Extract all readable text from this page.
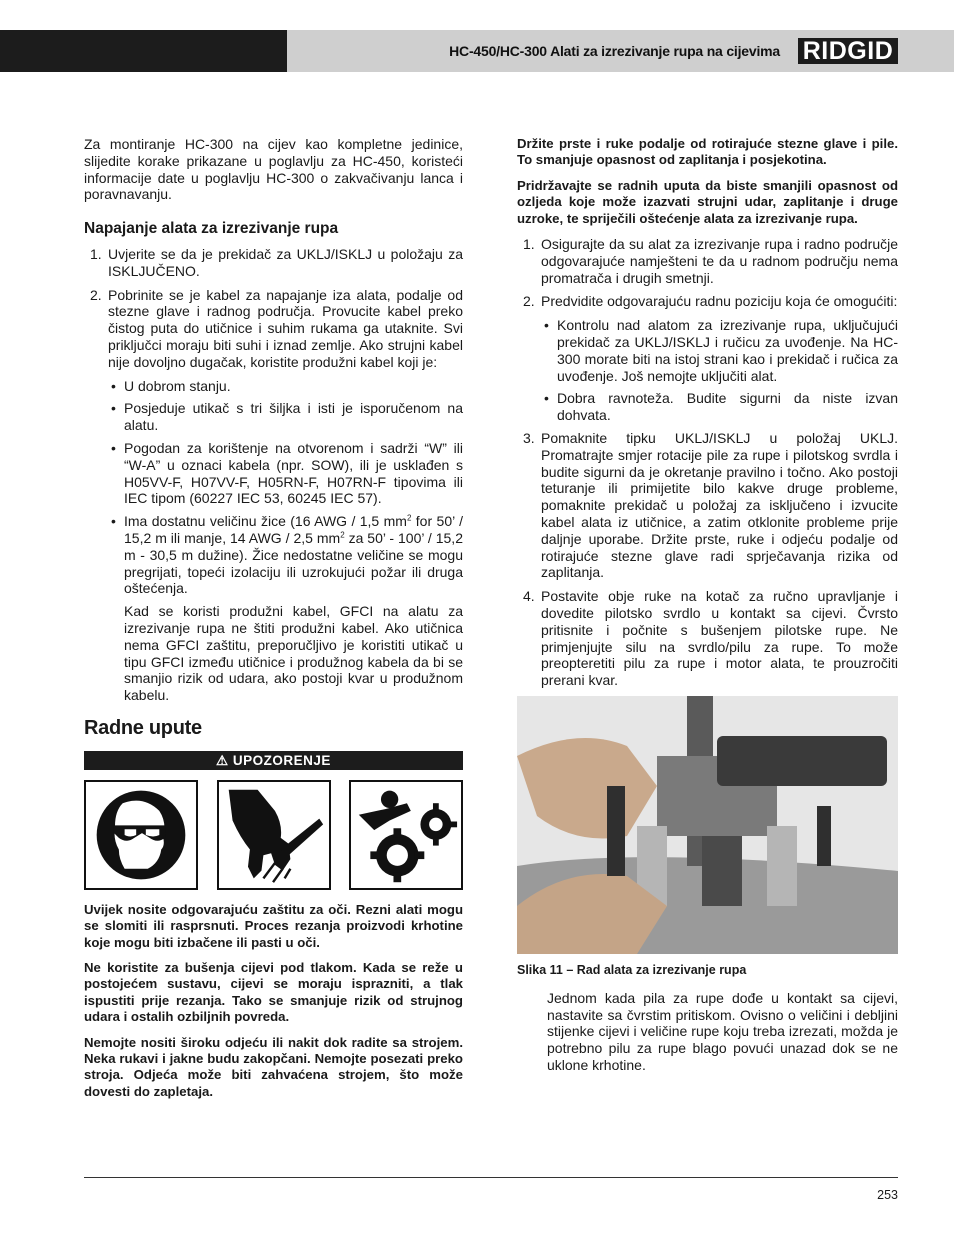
HC-450/HC-300 Alati za izrezivanje rupa na cijevima RIDGID

Za montiranje HC-300 na cijev kao kompletne jedinice, slijedite korake prikazane u poglavlju za HC-450, koristeći informacije date u poglavlju HC-300 o zakvačivanju lanca i poravnavanju.

Napajanje alata za izrezivanje rupa
1. Uvjerite se da je prekidač za UKLJ/ISKLJ u položaju za ISKLJUČENO.
2. Pobrinite se je kabel za napajanje iza alata, podalje od stezne glave i radnog područja. Provucite kabel preko čistog puta do utičnice i suhim rukama ga utaknite. Svi priključci moraju biti suhi i iznad zemlje. Ako strujni kabel nije dovoljno dugačak, koristite produžni kabel koji je:
• U dobrom stanju.
• Posjeduje utikač s tri šiljka i isti je isporučenom na alatu.
• Pogodan za korištenje na otvorenom i sadrži “W” ili “W-A” u oznaci kabela (npr. SOW), ili je usklađen s H05VV-F, H07VV-F, H05RN-F, H07RN-F tipovima ili IEC tipom (60227 IEC 53, 60245 IEC 57).
• Ima dostatnu veličinu žice (16 AWG / 1,5 $mm^2$ for 50’ / 15,2 m ili manje, 14 AWG / 2,5 $mm^2$ za 50’ - 100’ / 15,2 m - 30,5 m dužine). Žice nedostatne veličine se mogu pregrijati, topeći izolaciju ili uzrokujući požar ili druga oštećenja.

Kad se koristi produžni kabel, GFCI na alatu za izrezivanje rupa ne štiti produžni kabel. Ako utičnica nema GFCI zaštitu, preporučljivo je koristiti utikač u tipu GFCI između utičnice i produžnog kabela da bi se smanjio rizik od udara, ako postoji kvar u produžnom kabelu.

Radne upute
⚠ UPOZORENJE

Uvijek nosite odgovarajuću zaštitu za oči. Rezni alati mogu se slomiti ili rasprsnuti. Proces rezanja proizvodi krhotine koje mogu biti izbačene ili pasti u oči.

Ne koristite za bušenja cijevi pod tlakom. Kada se reže u postojećem sustavu, cijevi se moraju isprazniti, a tlak ispustiti prije rezanja. Tako se smanjuje rizik od strujnog udara i ostalih ozbiljnih povreda.

Nemojte nositi široku odjeću ili nakit dok radite sa strojem. Neka rukavi i jakne budu zakopčani. Nemojte posezati preko stroja. Odjeća može biti zahvaćena strojem, što može dovesti do zapletaja.

Držite prste i ruke podalje od rotirajuće stezne glave i pile. To smanjuje opasnost od zaplitanja i posjekotina.

Pridržavajte se radnih uputa da biste smanjili opasnost od ozljeda koje može izazvati strujni udar, zaplitanje i druge uzroke, te spriječili oštećenje alata za izrezivanje rupa.

1. Osigurajte da su alat za izrezivanje rupa i radno područje odgovarajuće namješteni te da u radnom području nema promatrača i drugih smetnji.
2. Predvidite odgovarajuću radnu poziciju koja će omogućiti:
• Kontrolu nad alatom za izrezivanje rupa, uključujući prekidač za UKLJ/ISKLJ i ručicu za uvođenje. Na HC-300 morate biti na istoj strani kao i prekidač i ručica za uvođenje. Još nemojte uključiti alat.
• Dobra ravnoteža. Budite sigurni da niste izvan dohvata.
3. Pomaknite tipku UKLJ/ISKLJ u položaj UKLJ. Promatrajte smjer rotacije pile za rupe i pilotskog svrdla i budite sigurni da je okretanje pravilno i točno. Ako postoji teturanje ili primijetite bilo kakve druge probleme, pomaknite prekidač u položaj za isključeno i izvucite kabel alata iz utičnice, a zatim otklonite probleme prije daljnje uporabe. Držite prste, ruke i odjeću podalje od rotirajuće stezne glave radi sprječavanja rizika od zaplitanja.
4. Postavite obje ruke na kotač za ručno upravljanje i dovedite pilotsko svrdlo u kontakt sa cijevi. Čvrsto pritisnite i počnite s bušenjem pilotske rupe. Ne primjenjujte silu na svrdlo/pilu za rupe. To može preopteretiti pilu za rupe i motor alata, te prouzročiti prerani kvar.

Slika 11 – Rad alata za izrezivanje rupa

Jednom kada pila za rupe dođe u kontakt sa cijevi, nastavite sa čvrstim pritiskom. Ovisno o veličini i debljini stijenke cijevi i veličine rupe koju treba izrezati, možda je potrebno pilu za rupe blago povući unazad dok se ne uklone krhotine.

253
